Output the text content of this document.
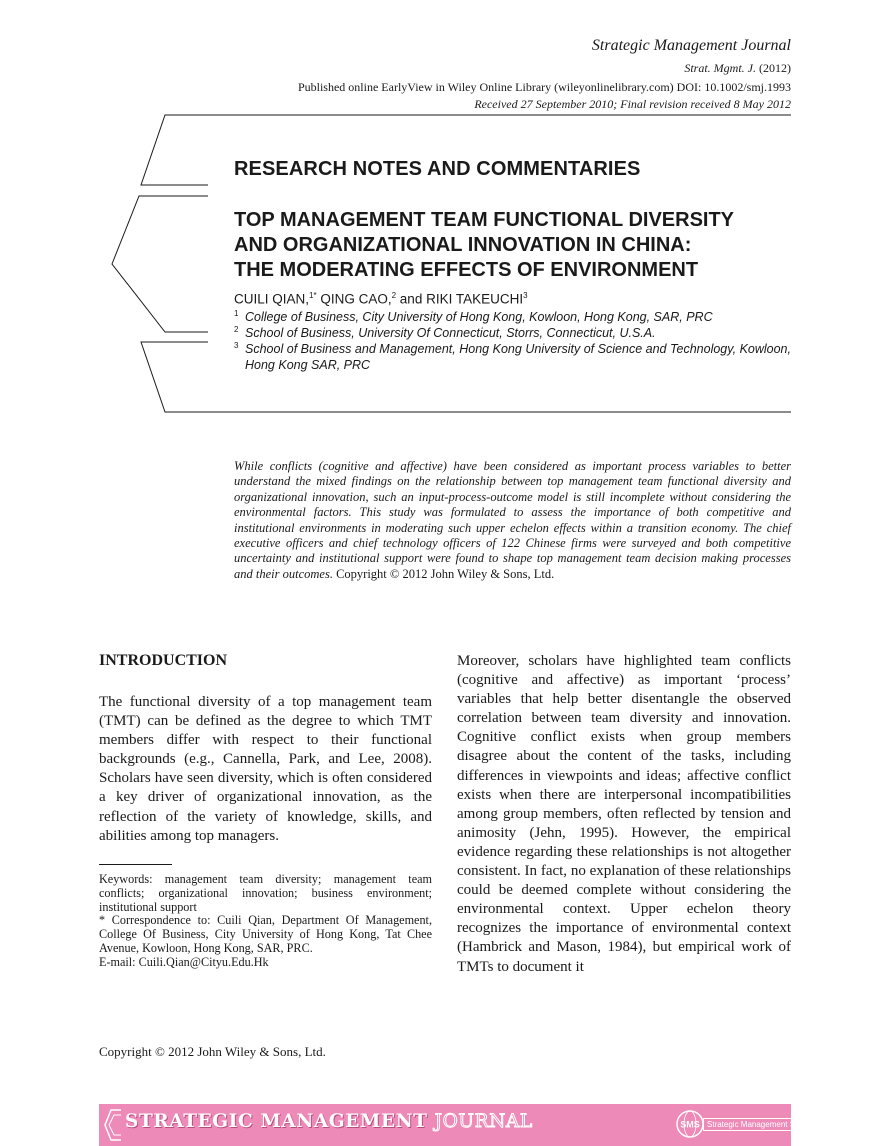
Strategic Management Journal
Strat. Mgmt. J. (2012)
Published online EarlyView in Wiley Online Library (wileyonlinelibrary.com) DOI: 10.1002/smj.1993
Received 27 September 2010; Final revision received 8 May 2012
RESEARCH NOTES AND COMMENTARIES
TOP MANAGEMENT TEAM FUNCTIONAL DIVERSITY
AND ORGANIZATIONAL INNOVATION IN CHINA:
THE MODERATING EFFECTS OF ENVIRONMENT
CUILI QIAN,$^{1*}$ QING CAO,$^2$ and RIKI TAKEUCHI$^3$
1 College of Business, City University of Hong Kong, Kowloon, Hong Kong, SAR, PRC
2 School of Business, University Of Connecticut, Storrs, Connecticut, U.S.A.
3 School of Business and Management, Hong Kong University of Science and Technology, Kowloon, Hong Kong SAR, PRC
While conflicts (cognitive and affective) have been considered as important process variables to better understand the mixed findings on the relationship between top management team functional diversity and organizational innovation, such an input-process-outcome model is still incomplete without considering the environmental factors. This study was formulated to assess the importance of both competitive and institutional environments in moderating such upper echelon effects within a transition economy. The chief executive officers and chief technology officers of 122 Chinese firms were surveyed and both competitive uncertainty and institutional support were found to shape top management team decision making processes and their outcomes. Copyright © 2012 John Wiley & Sons, Ltd.
INTRODUCTION
The functional diversity of a top management team (TMT) can be defined as the degree to which TMT members differ with respect to their functional backgrounds (e.g., Cannella, Park, and Lee, 2008). Scholars have seen diversity, which is often considered a key driver of organizational innovation, as the reflection of the variety of knowledge, skills, and abilities among top managers.

Keywords: management team diversity; management team conflicts; organizational innovation; business environment; institutional support

* Correspondence to: Cuili Qian, Department Of Management, College Of Business, City University of Hong Kong, Tat Chee Avenue, Kowloon, Hong Kong, SAR, PRC.

E-mail: Cuili.Qian@Cityu.Edu.Hk

Copyright © 2012 John Wiley & Sons, Ltd.
Moreover, scholars have highlighted team conflicts (cognitive and affective) as important ‘process’ variables that help better disentangle the observed correlation between team diversity and innovation. Cognitive conflict exists when group members disagree about the content of the tasks, including differences in viewpoints and ideas; affective conflict exists when there are interpersonal incompatibilities among group members, often reflected by tension and animosity (Jehn, 1995). However, the empirical evidence regarding these relationships is not altogether consistent. In fact, no explanation of these relationships could be deemed complete without considering the environmental context. Upper echelon theory recognizes the importance of environmental context (Hambrick and Mason, 1984), but empirical work of TMTs to document it
STRATEGIC MANAGEMENT JOURNAL	SMS Strategic Management Society
